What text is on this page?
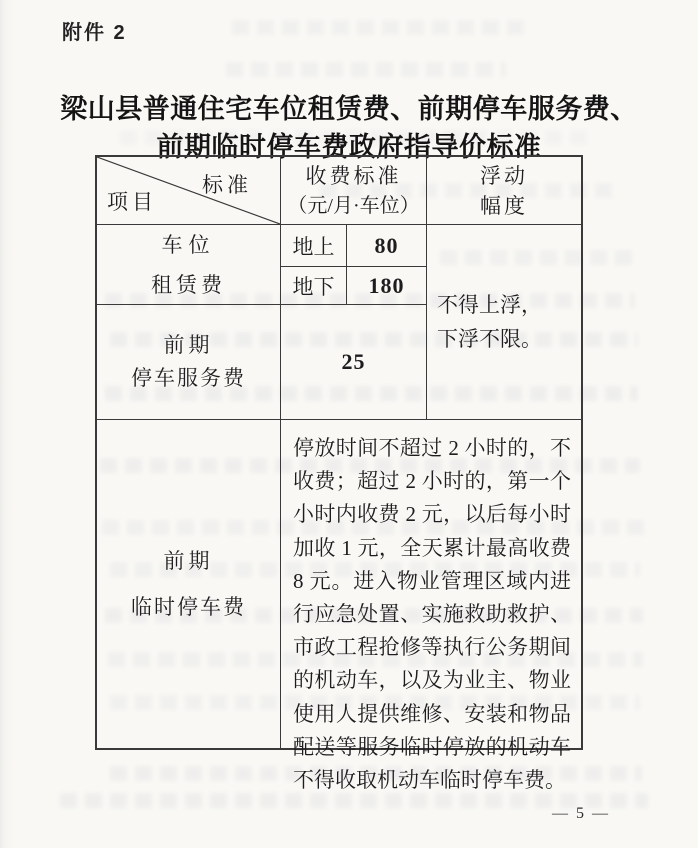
附件 2
梁山县普通住宅车位租赁费、前期停车服务费、
前期临时停车费政府指导价标准
标准
项目
收费标准
（元/月·车位）
浮动
幅度
车位
租赁费
地上	80
地下	180
不得上浮，
下浮不限。
前期
停车服务费
25
前期
临时停车费
停放时间不超过 2 小时的，不收费；超过 2 小时的，第一个小时内收费 2 元，以后每小时加收 1 元，全天累计最高收费 8 元。进入物业管理区域内进行应急处置、实施救助救护、市政工程抢修等执行公务期间的机动车，以及为业主、物业使用人提供维修、安装和物品配送等服务临时停放的机动车不得收取机动车临时停车费。
— 5 —
